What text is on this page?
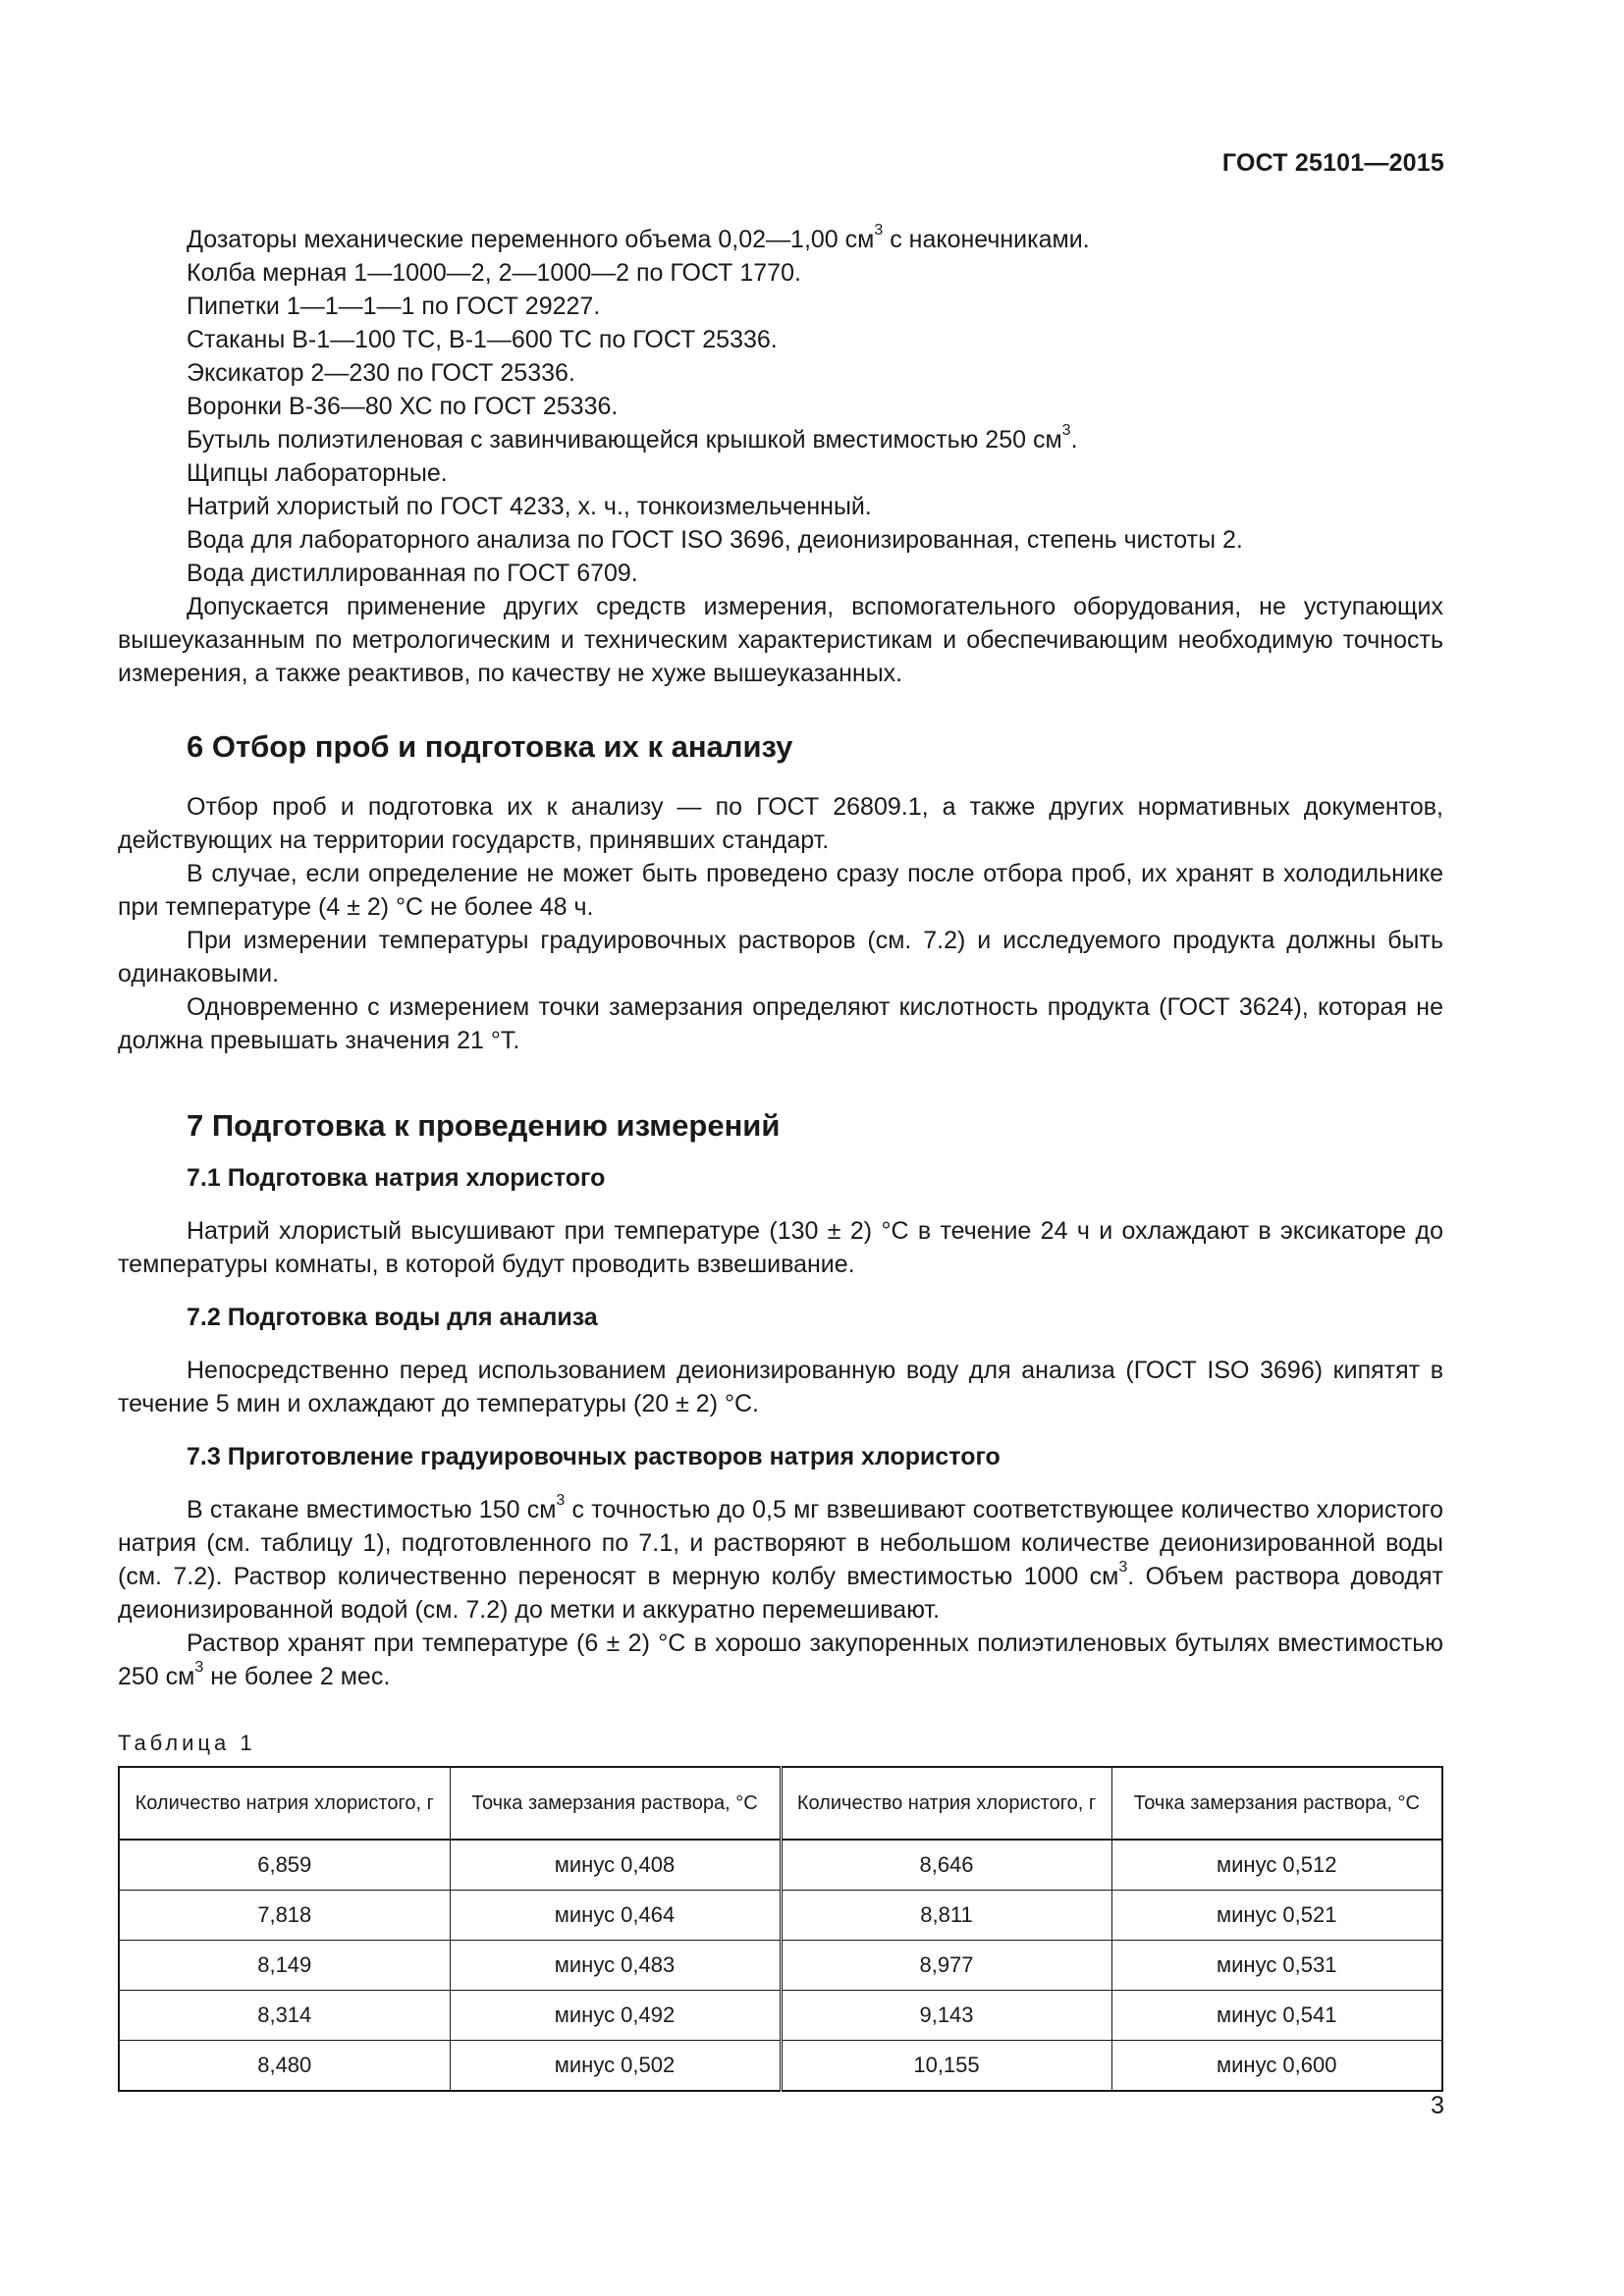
ГОСТ 25101—2015
Дозаторы механические переменного объема 0,02—1,00 $см^3$ с наконечниками.
Колба мерная 1—1000—2, 2—1000—2 по ГОСТ 1770.
Пипетки 1—1—1—1 по ГОСТ 29227.
Стаканы В-1—100 ТС, В-1—600 ТС по ГОСТ 25336.
Эксикатор 2—230 по ГОСТ 25336.
Воронки В-36—80 ХС по ГОСТ 25336.
Бутыль полиэтиленовая с завинчивающейся крышкой вместимостью 250 $см^3$.
Щипцы лабораторные.
Натрий хлористый по ГОСТ 4233, х. ч., тонкоизмельченный.
Вода для лабораторного анализа по ГОСТ ISO 3696, деионизированная, степень чистоты 2.
Вода дистиллированная по ГОСТ 6709.

Допускается применение других средств измерения, вспомогательного оборудования, не уступающих вышеуказанным по метрологическим и техническим характеристикам и обеспечивающим необходимую точность измерения, а также реактивов, по качеству не хуже вышеуказанных.

6 Отбор проб и подготовка их к анализу

Отбор проб и подготовка их к анализу — по ГОСТ 26809.1, а также других нормативных документов, действующих на территории государств, принявших стандарт.

В случае, если определение не может быть проведено сразу после отбора проб, их хранят в холодильнике при температуре (4 ± 2) °С не более 48 ч.

При измерении температуры градуировочных растворов (см. 7.2) и исследуемого продукта должны быть одинаковыми.

Одновременно с измерением точки замерзания определяют кислотность продукта (ГОСТ 3624), которая не должна превышать значения 21 °Т.

7 Подготовка к проведению измерений
7.1 Подготовка натрия хлористого

Натрий хлористый высушивают при температуре (130 ± 2) °С в течение 24 ч и охлаждают в эксикаторе до температуры комнаты, в которой будут проводить взвешивание.

7.2 Подготовка воды для анализа

Непосредственно перед использованием деионизированную воду для анализа (ГОСТ ISO 3696) кипятят в течение 5 мин и охлаждают до температуры (20 ± 2) °С.

7.3 Приготовление градуировочных растворов натрия хлористого

В стакане вместимостью 150 $см^3$ с точностью до 0,5 мг взвешивают соответствующее количество хлористого натрия (см. таблицу 1), подготовленного по 7.1, и растворяют в небольшом количестве деионизированной воды (см. 7.2). Раствор количественно переносят в мерную колбу вместимостью 1000 $см^3$. Объем раствора доводят деионизированной водой (см. 7.2) до метки и аккуратно перемешивают.

Раствор хранят при температуре (6 ± 2) °С в хорошо закупоренных полиэтиленовых бутылях вместимостью 250 $см^3$ не более 2 мес.

Таблица 1
Количество натрия хлористого, г	Точка замерзания раствора, °С	Количество натрия хлористого, г	Точка замерзания раствора, °С
6,859	минус 0,408	8,646	минус 0,512
7,818	минус 0,464	8,811	минус 0,521
8,149	минус 0,483	8,977	минус 0,531
8,314	минус 0,492	9,143	минус 0,541
8,480	минус 0,502	10,155	минус 0,600
3
